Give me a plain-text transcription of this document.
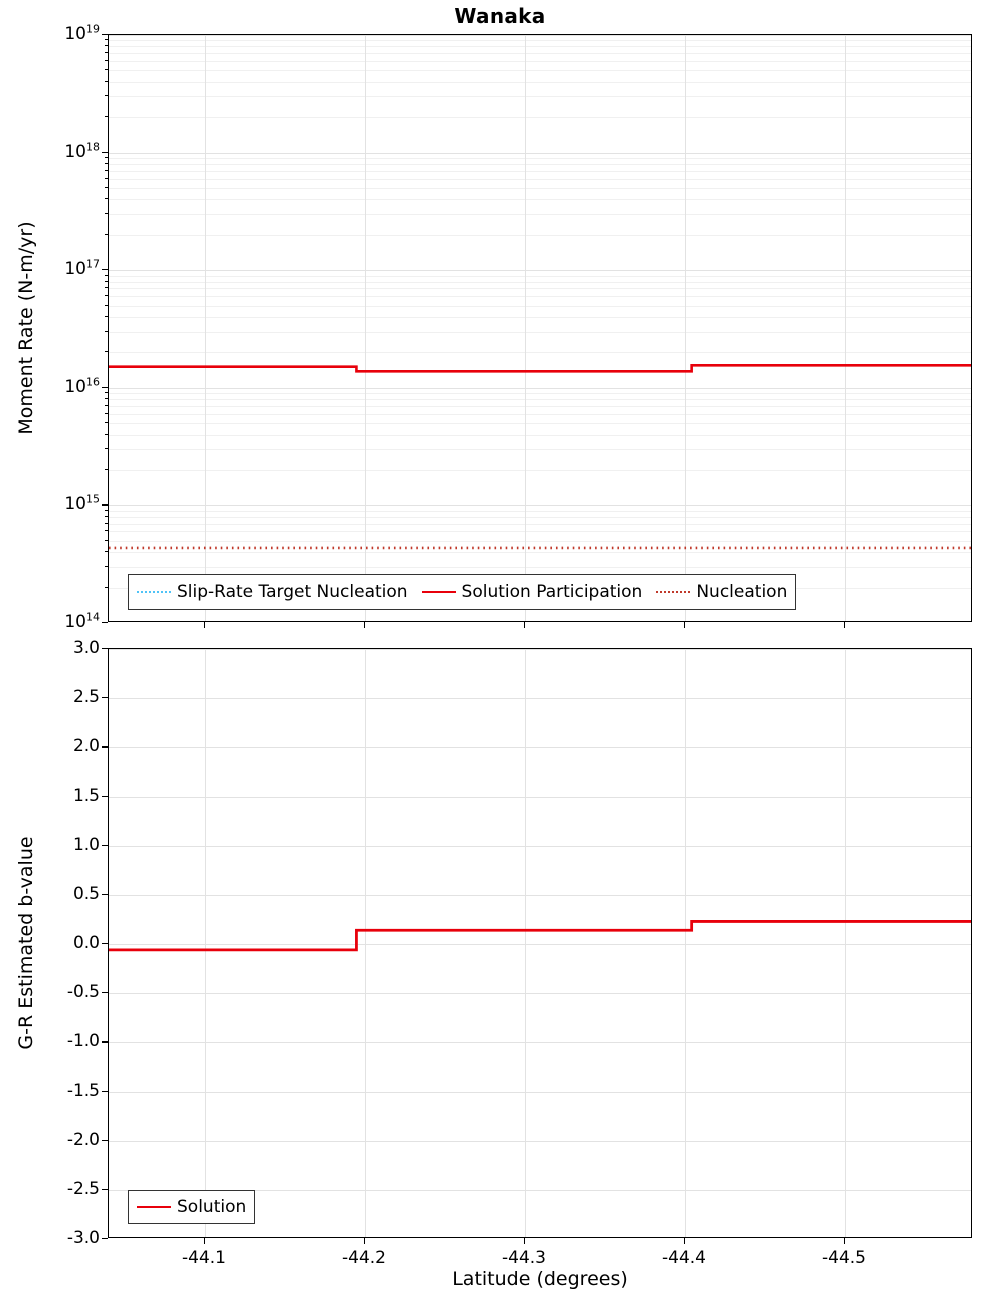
Wanaka
$10^{14}$
$10^{15}$
$10^{16}$
$10^{17}$
$10^{18}$
$10^{19}$
Moment Rate (N-m/yr)
Slip-Rate Target Nucleation	Solution Participation	Nucleation
-3.0
-2.5
-2.0
-1.5
-1.0
-0.5
0.0
0.5
1.0
1.5
2.0
2.5
3.0
-44.1	-44.2	-44.3	-44.4	-44.5
G-R Estimated b-value
Latitude (degrees)
Solution
